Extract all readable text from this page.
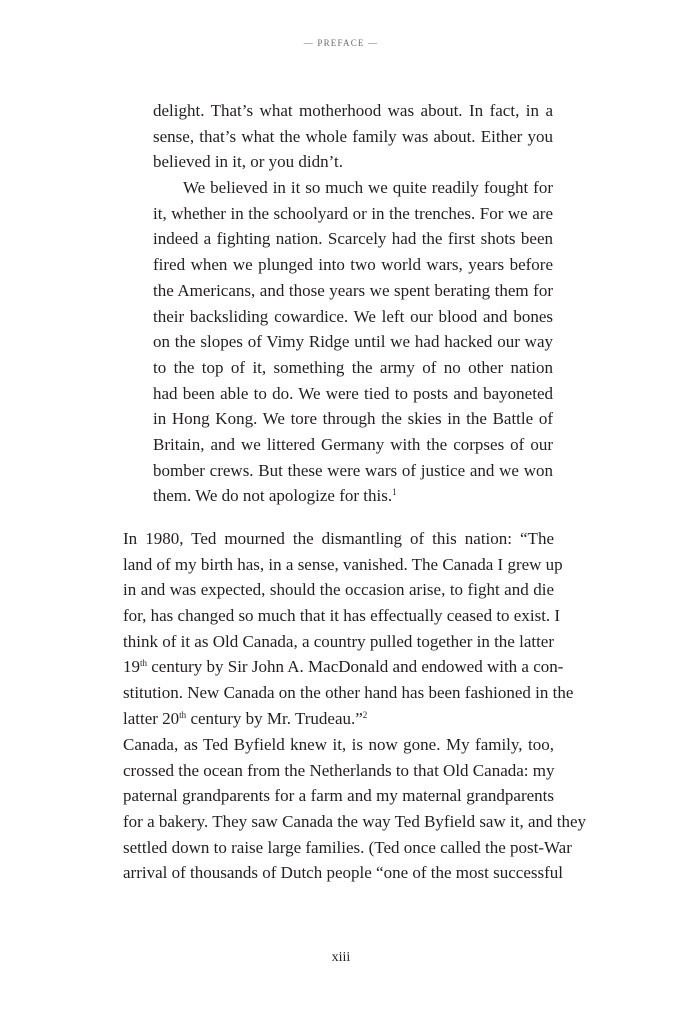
— PREFACE —
delight. That’s what motherhood was about. In fact, in a
sense, that’s what the whole family was about. Either you
believed in it, or you didn’t.
We believed in it so much we quite readily fought for
it, whether in the schoolyard or in the trenches. For we are
indeed a fighting nation. Scarcely had the first shots been
fired when we plunged into two world wars, years before
the Americans, and those years we spent berating them for
their backsliding cowardice. We left our blood and bones
on the slopes of Vimy Ridge until we had hacked our way
to the top of it, something the army of no other nation
had been able to do. We were tied to posts and bayoneted
in Hong Kong. We tore through the skies in the Battle of
Britain, and we littered Germany with the corpses of our
bomber crews. But these were wars of justice and we won
them. We do not apologize for this.$^1$
In 1980, Ted mourned the dismantling of this nation: “The
land of my birth has, in a sense, vanished. The Canada I grew up
in and was expected, should the occasion arise, to fight and die
for, has changed so much that it has effectually ceased to exist. I
think of it as Old Canada, a country pulled together in the latter
19th century by Sir John A. MacDonald and endowed with a con-
stitution. New Canada on the other hand has been fashioned in the
latter 20th century by Mr. Trudeau.”$^2$
Canada, as Ted Byfield knew it, is now gone. My family, too,
crossed the ocean from the Netherlands to that Old Canada: my
paternal grandparents for a farm and my maternal grandparents
for a bakery. They saw Canada the way Ted Byfield saw it, and they
settled down to raise large families. (Ted once called the post-War
arrival of thousands of Dutch people “one of the most successful
xiii
